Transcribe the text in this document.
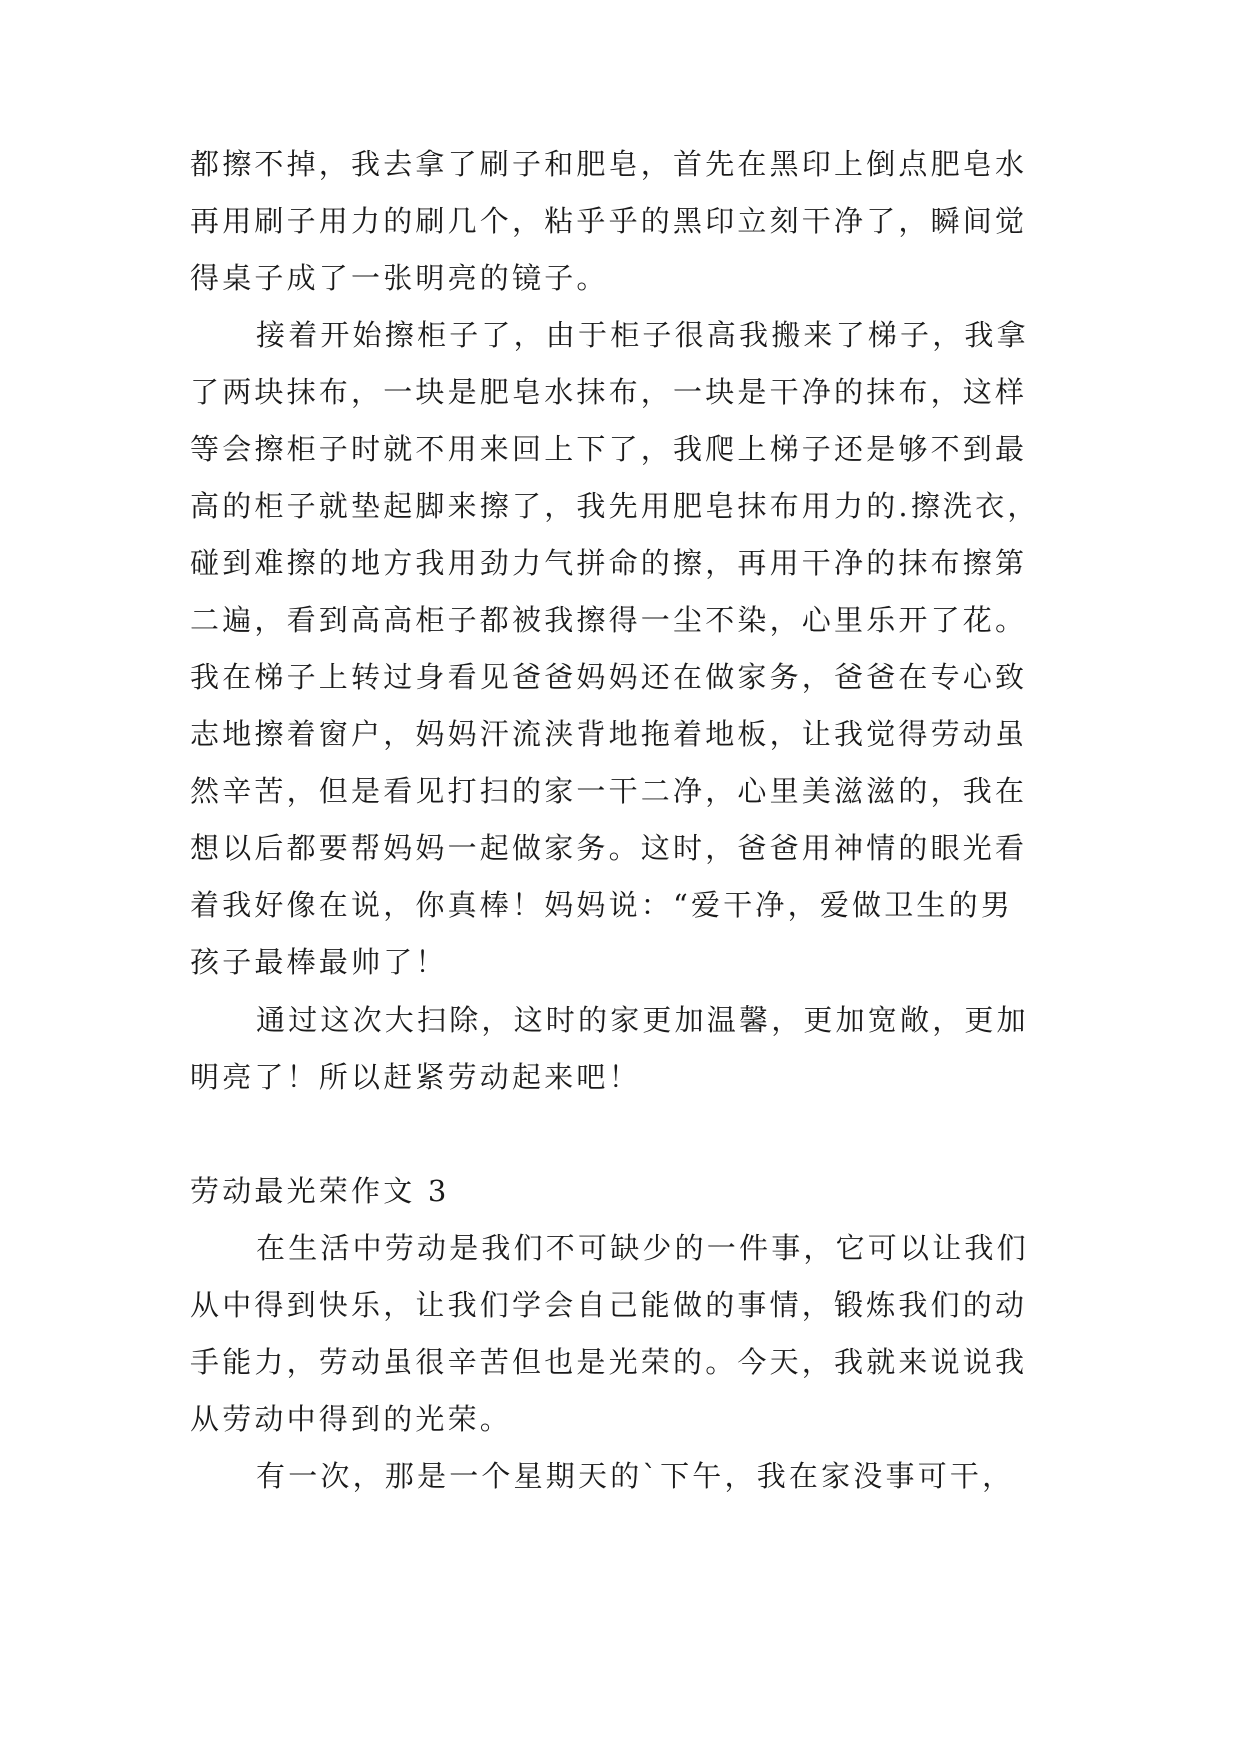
都擦不掉，我去拿了刷子和肥皂，首先在黑印上倒点肥皂水
再用刷子用力的刷几个，粘乎乎的黑印立刻干净了，瞬间觉
得桌子成了一张明亮的镜子。
接着开始擦柜子了，由于柜子很高我搬来了梯子，我拿
了两块抹布，一块是肥皂水抹布，一块是干净的抹布，这样
等会擦柜子时就不用来回上下了，我爬上梯子还是够不到最
高的柜子就垫起脚来擦了，我先用肥皂抹布用力的.擦洗衣，
碰到难擦的地方我用劲力气拼命的擦，再用干净的抹布擦第
二遍，看到高高柜子都被我擦得一尘不染，心里乐开了花。
我在梯子上转过身看见爸爸妈妈还在做家务，爸爸在专心致
志地擦着窗户，妈妈汗流浃背地拖着地板，让我觉得劳动虽
然辛苦，但是看见打扫的家一干二净，心里美滋滋的，我在
想以后都要帮妈妈一起做家务。这时，爸爸用神情的眼光看
着我好像在说，你真棒！妈妈说：“爱干净，爱做卫生的男
孩子最棒最帅了！
通过这次大扫除，这时的家更加温馨，更加宽敞，更加
明亮了！所以赶紧劳动起来吧！
劳动最光荣作文 3
在生活中劳动是我们不可缺少的一件事，它可以让我们
从中得到快乐，让我们学会自己能做的事情，锻炼我们的动
手能力，劳动虽很辛苦但也是光荣的。今天，我就来说说我
从劳动中得到的光荣。
有一次，那是一个星期天的`下午，我在家没事可干，
